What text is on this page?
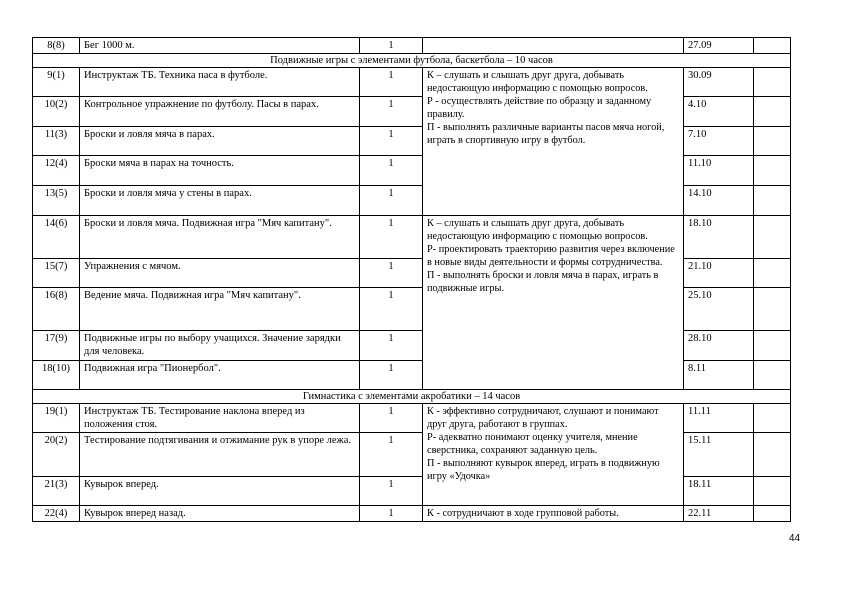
8(8)	Бег 1000 м.	1		27.09	
Подвижные игры с элементами футбола, баскетбола – 10 часов					
9(1)	Инструктаж ТБ. Техника паса в футболе.	1	К – слушать и слышать друг друга, добывать недостающую информацию с помощью вопросов.
Р - осуществлять действие по образцу и заданному правилу.
П - выполнять различные варианты пасов мяча ногой, играть в спортивную игру в футбол.	30.09	
10(2)	Контрольное упражнение по футболу. Пасы в парах.	1		4.10	
11(3)	Броски и ловля мяча в парах.	1		7.10	
12(4)	Броски мяча в парах на точность.	1		11.10	
13(5)	Броски и ловля мяча у стены в парах.	1		14.10	
14(6)	Броски и ловля мяча. Подвижная игра "Мяч капитану".	1	К – слушать и слышать друг друга, добывать недостающую информацию с помощью вопросов.
Р- проектировать траекторию развития через включение в новые виды деятельности и формы сотрудничества.
П - выполнять броски и ловля мяча в парах, играть в подвижные игры.	18.10	
15(7)	Упражнения с мячом.	1		21.10	
16(8)	Ведение мяча. Подвижная игра "Мяч капитану".	1		25.10	
17(9)	Подвижные игры по выбору учащихся. Значение зарядки для человека.	1		28.10	
18(10)	Подвижная игра "Пионербол".	1		8.11	
Гимнастика с элементами акробатики – 14 часов					
19(1)	Инструктаж ТБ. Тестирование наклона вперед из положения стоя.	1	К - эффективно сотрудничают, слушают и понимают друг друга, работают в группах.
Р- адекватно понимают оценку учителя, мнение сверстника, сохраняют заданную цель.
П - выполняют кувырок вперед, играть в подвижную игру «Удочка»	11.11	
20(2)	Тестирование подтягивания и отжимание рук в упоре лежа.	1		15.11	
21(3)	Кувырок вперед.	1		18.11	
22(4)	Кувырок вперед назад.	1	К - сотрудничают в ходе групповой работы.	22.11	
44
